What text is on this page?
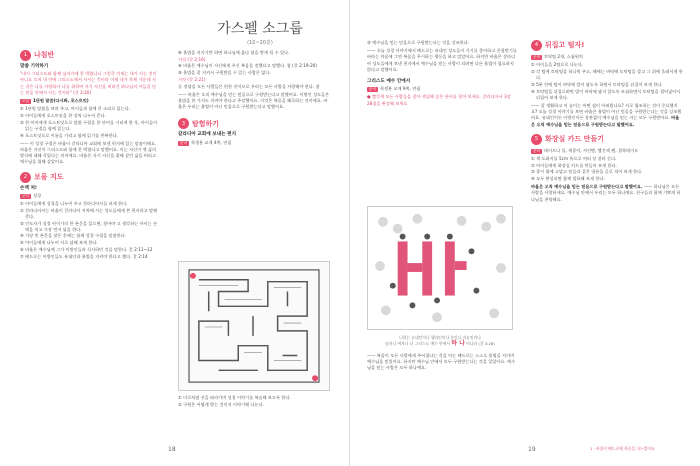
가스펠 소그룹
(10~20분)
1 나침반
말씀 기억하기
"내가 그리스도와 함께 십자가에 못 박혔나니 그런즉 이제는 내가 사는 것이 아니요 오직 내 안에 그리스도께서 사시는 것이라 이제 내가 육체 가운데 사는 것은 나를 사랑하사 나를 위하여 자기 자신을 버리신 하나님의 아들을 믿는 믿음 안에서 사는 것이라" (갈 2:20)
도입 1단원 말씀(다시봐, 포스트잇)
① 1단원 말씀을 보며 주고, 아이들과 함께 큰 소리로 읽는다.
② 아이들에게 포스트잇을 한 장씩 나누어 준다.
③ 한 아이에게 포스트잇으로 말씀 구절을 한 단어를 거리게 한 후, 아이들이 읽는 구절을 함께 읽는다.
④ 포스트잇으로 이름을 가리고 함께 읽기를 반복한다.
—— 이 성경 구절은 바울이 갈라디아 교회에 보낸 편지에 있는 말씀이에요. 바울은 자신이 그리스도와 함께 못 박혔다고 말했어요. 이는 자신이 옛 삶의 방식에 대해 죽었다는 의미에요. 바울은 자기 자신을 위해 살던 삶을 버리고 예수님을 위해 살았어요.
2 보물 지도
손액 처!
준비 성경
① 아이들에게 성경을 나누어 주고 갈라디아서를 펴게 한다.
② 갈라디아서는 바울이 갈라디아 지역에 사는 성도들에게 쓴 편지라고 말해 준다.
③ 인도자가 성경 아이가의 한 본문을 읽으면, 찾아야 고 생각하는 아이는 손액을 치고 가장 먼저 답을 한다.
④ 가장 빈 본문을 찾은 후에는 함께 성경 구절을 말씀한다.
⑤ 아이들에게 나누어 서로 답해 보게 한다.
⑥ 바울은 예수님께 그가 이방인들과 식사하던 것을 말한다. 갈 2:11~12
⑦ 베드로는 이방인들도 유대인과 율법을 지켜야 한다고 했다. 갈 2:14
⑧ 율법을 지키기만 하면 하나님께 옳다 함을 받게 될 수 있다.
거짓 (갈 2:16)
⑨ 바울은 예수님이 자신에게 주신 복음을 전했다고 말했다. 참 (갈 2:19-20)
⑩ 율법을 잘 지켜서 구원받을 수 있는 사람은 없다.
거짓 (갈 2:21)
⑪ 정답을 모든 사람들은 편한 것이므로 우리는 모든 사람을 사랑해야 한다. 참
—— 바울은 오직 예수님을 믿는 믿음으로 구원받는다고 말했어요. 이방인 성도들은 율법을 한 가지도 지켜야 한다고 주장했어요. 이것은 복음을 왜곡하는 것이에요. 바울은 우리는 율법이 아닌 믿음으로 구원받는다고 말했어요.
3 탐험하기
갈라디아 교회에 보내는 편지
준비 학생용 교재 4쪽, 연필
① 미로처럼 선을 따라가며 성경 이야기를 복습해 보도록 한다.
② 구원은 어떻게 받는 것인지 이야기해 나눈다.
18
③ 예수님을 믿는 믿음으로 구원받는다는 것을 강조한다.
—— 오늘 성경 이야기에서 베드로는 유대인 성도들이 가기를 좋아하고 존경받기를 바라는 마음에 그만 복음을 무시하는 행동을 하고 말았어요. 하지만 바울은 갈라디아 성도들에게 보낸 편지에서 예수님을 믿는 사람이 되려면 다른 율법이 필요하지 않다고 말했어요.
그리스도 예수 안에서
준비 학생용 교재 9쪽, 연필
● 빨간색 모든 사람들을 찾아 색칠해 숨은 단어를 찾아 보세요. 갈라디아서 3장 28절을 완성해 보세요.
너희는 유대인이나 헬라인이나 종이나 자유인이나
남자나 여자나 다 그리스도 예수 안에서 하 나 이니라 (갈 3:28)
—— 복음이 모든 사람에게 주어졌다는 것을 아는 베드로는 스스로 율법을 지키며 예수님을 믿었어요. 하지만 예수님 안에서 모두 구원받는다는 것을 잊었어요. 예수님을 믿는 사람은 모두 하나예요.
4 뒤집고 털자!
준비 토닥팀 2개, 스톱워치
① 아이들을 2팀으로 나눈다.
② 각 팀에 토닥팀을 하나씩 주고, 해에는 바닥에 토닥팀을 깔고 그 위에 올려서게 한다.
③ 5분 안에 팀이 바닥에 발이 닿도록 하면서 토닥팀을 뒤집어 보게 한다.
④ 토닥팀을 뒤집으려면 발이 바닥에 닿지 않도록 조심하면서 토닥팀을 접어넣어서 뒤집어 보게 한다.
—— 잘 생활하고 이 놀이는 어떤 점이 어려웠나요? 서로 협조하는 것이 중요했지요? 오늘 성경 이야기를 보면 바울은 율법이 아닌 믿음을 구원받는다는 것을 강조했어요. 유대인이든 이방인이든 상관없이 예수님을 믿는 자는 모두 구원받아요. 바울은 오직 예수님을 믿는 믿음으로 구원받는다고 말했어요.
5 화장실 카드 만들기
준비 테이프나 풀, 색종이, 사인펜, 빨간색 펜, 접착테이프
① 색 도화지를 5cm 폭으로 여러 장 잘라 둔다.
② 아이들에게 화장실 카드를 만들어 보게 한다.
③ 종이 위에 고맙고 믿음과 같은 내용을 글로 적어 보게 한다.
④ 모두 완성되면 함께 발표해 보게 한다.
바울은 오직 예수님을 믿는 믿음으로 구원받는다고 말했어요. —— 하나님은 모든 사람을 사랑하세요. 예수님 안에서 우리는 모두 하나예요. 친구들과 함께 기쁘게 하나님을 찬양해요.
19	1 · 바울이 베드로에 복음을 나누었어요
